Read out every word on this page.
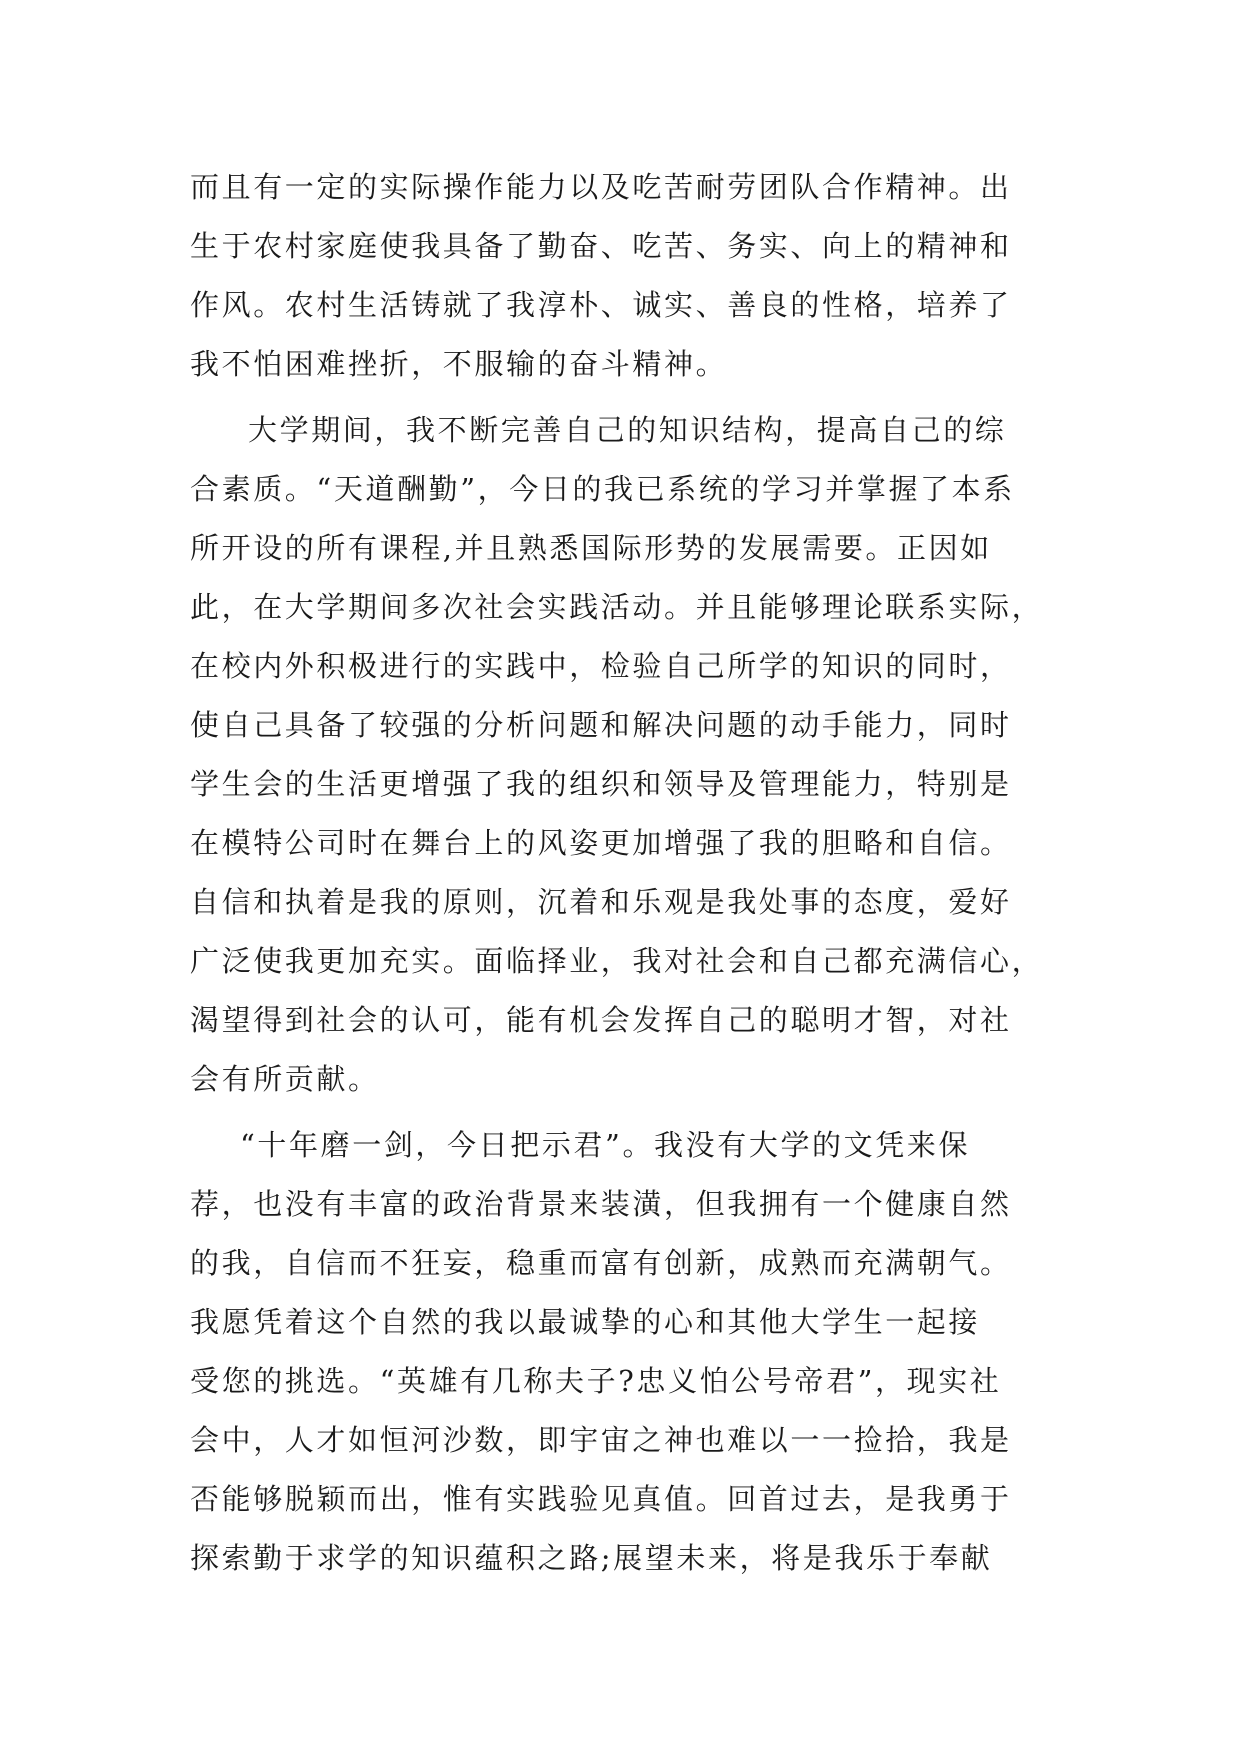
而且有一定的实际操作能力以及吃苦耐劳团队合作精神。出
生于农村家庭使我具备了勤奋、吃苦、务实、向上的精神和
作风。农村生活铸就了我淳朴、诚实、善良的性格，培养了
我不怕困难挫折，不服输的奋斗精神。
大学期间，我不断完善自己的知识结构，提高自己的综
合素质。“天道酬勤”，今日的我已系统的学习并掌握了本系
所开设的所有课程,并且熟悉国际形势的发展需要。正因如
此，在大学期间多次社会实践活动。并且能够理论联系实际，
在校内外积极进行的实践中，检验自己所学的知识的同时，
使自己具备了较强的分析问题和解决问题的动手能力，同时
学生会的生活更增强了我的组织和领导及管理能力，特别是
在模特公司时在舞台上的风姿更加增强了我的胆略和自信。
自信和执着是我的原则，沉着和乐观是我处事的态度，爱好
广泛使我更加充实。面临择业，我对社会和自己都充满信心，
渴望得到社会的认可，能有机会发挥自己的聪明才智，对社
会有所贡献。
“十年磨一剑，今日把示君”。我没有大学的文凭来保
荐，也没有丰富的政治背景来装潢，但我拥有一个健康自然
的我，自信而不狂妄，稳重而富有创新，成熟而充满朝气。
我愿凭着这个自然的我以最诚挚的心和其他大学生一起接
受您的挑选。“英雄有几称夫子?忠义怕公号帝君”，现实社
会中，人才如恒河沙数，即宇宙之神也难以一一捡拾，我是
否能够脱颖而出，惟有实践验见真值。回首过去，是我勇于
探索勤于求学的知识蕴积之路;展望未来，将是我乐于奉献
